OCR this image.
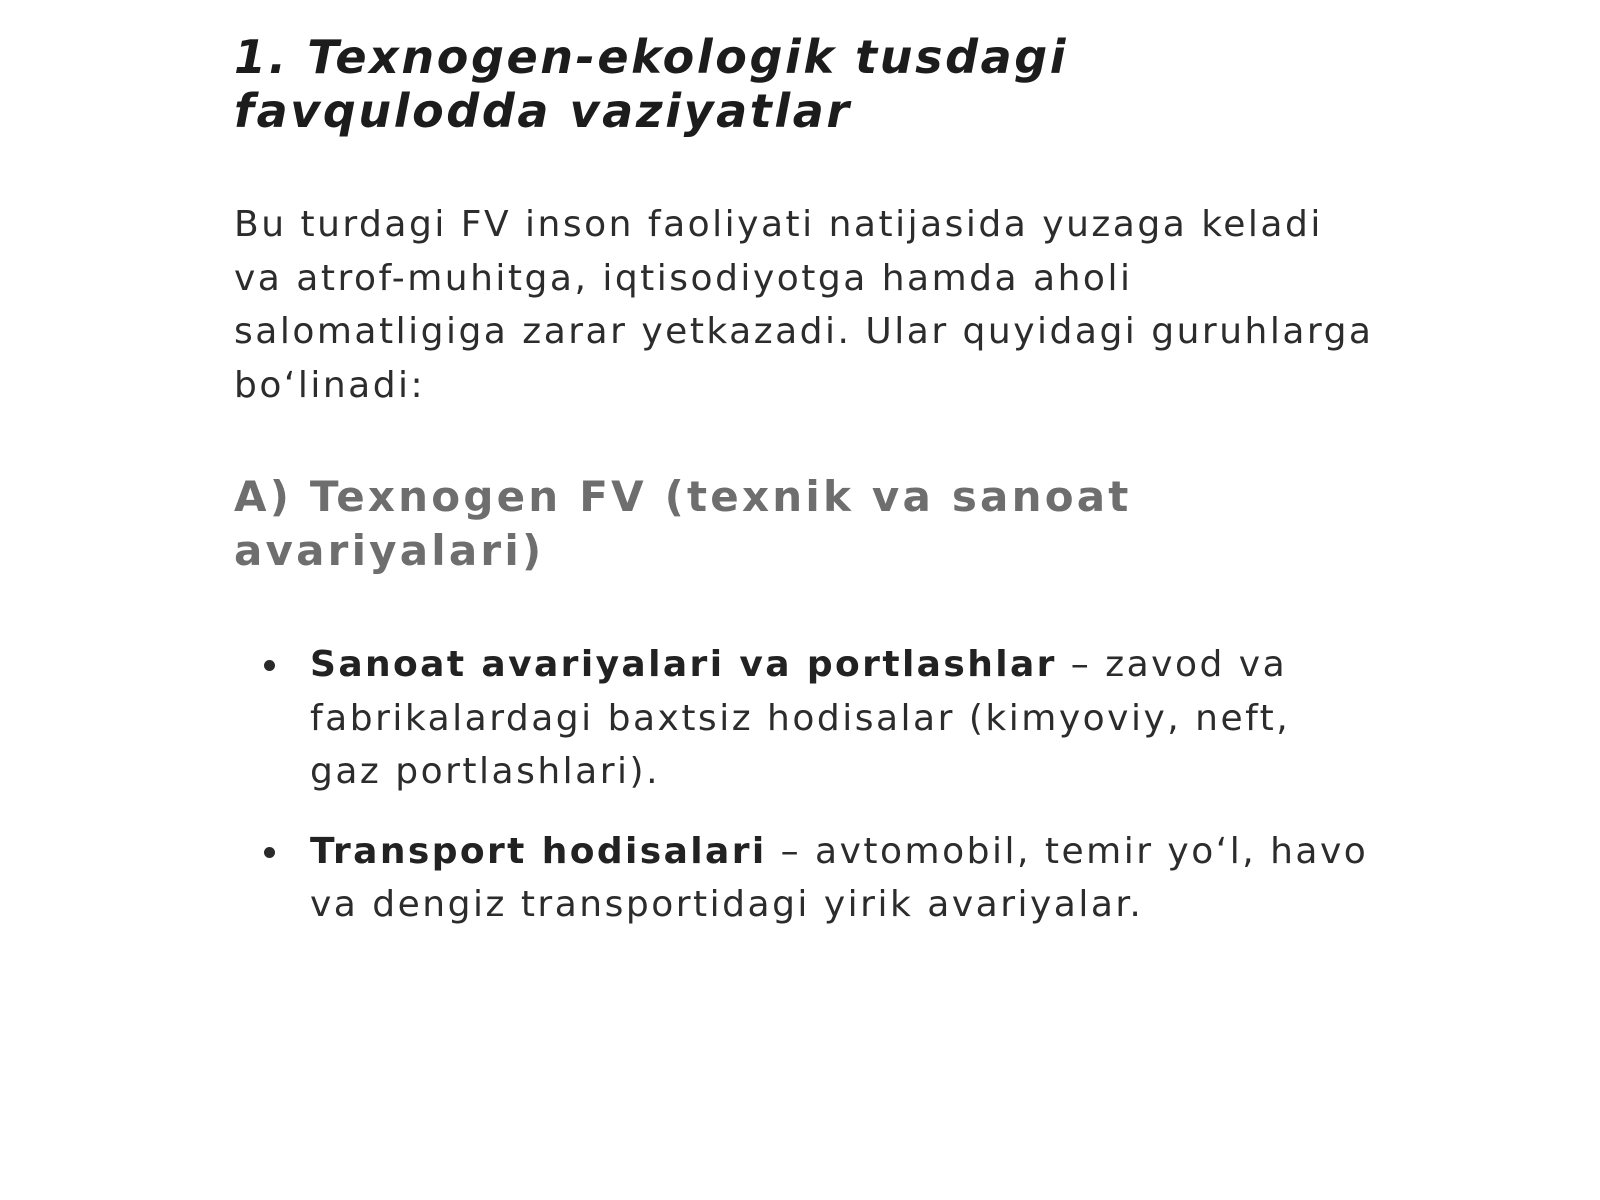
1. Texnogen-ekologik tusdagi favqulodda vaziyatlar

Bu turdagi FV inson faoliyati natijasida yuzaga keladi va atrof-muhitga, iqtisodiyotga hamda aholi salomatligiga zarar yetkazadi. Ular quyidagi guruhlarga bo‘linadi:

A) Texnogen FV (texnik va sanoat avariyalari)
Sanoat avariyalari va portlashlar – zavod va fabrikalardagi baxtsiz hodisalar (kimyoviy, neft, gaz portlashlari).
Transport hodisalari – avtomobil, temir yo‘l, havo va dengiz transportidagi yirik avariyalar.
